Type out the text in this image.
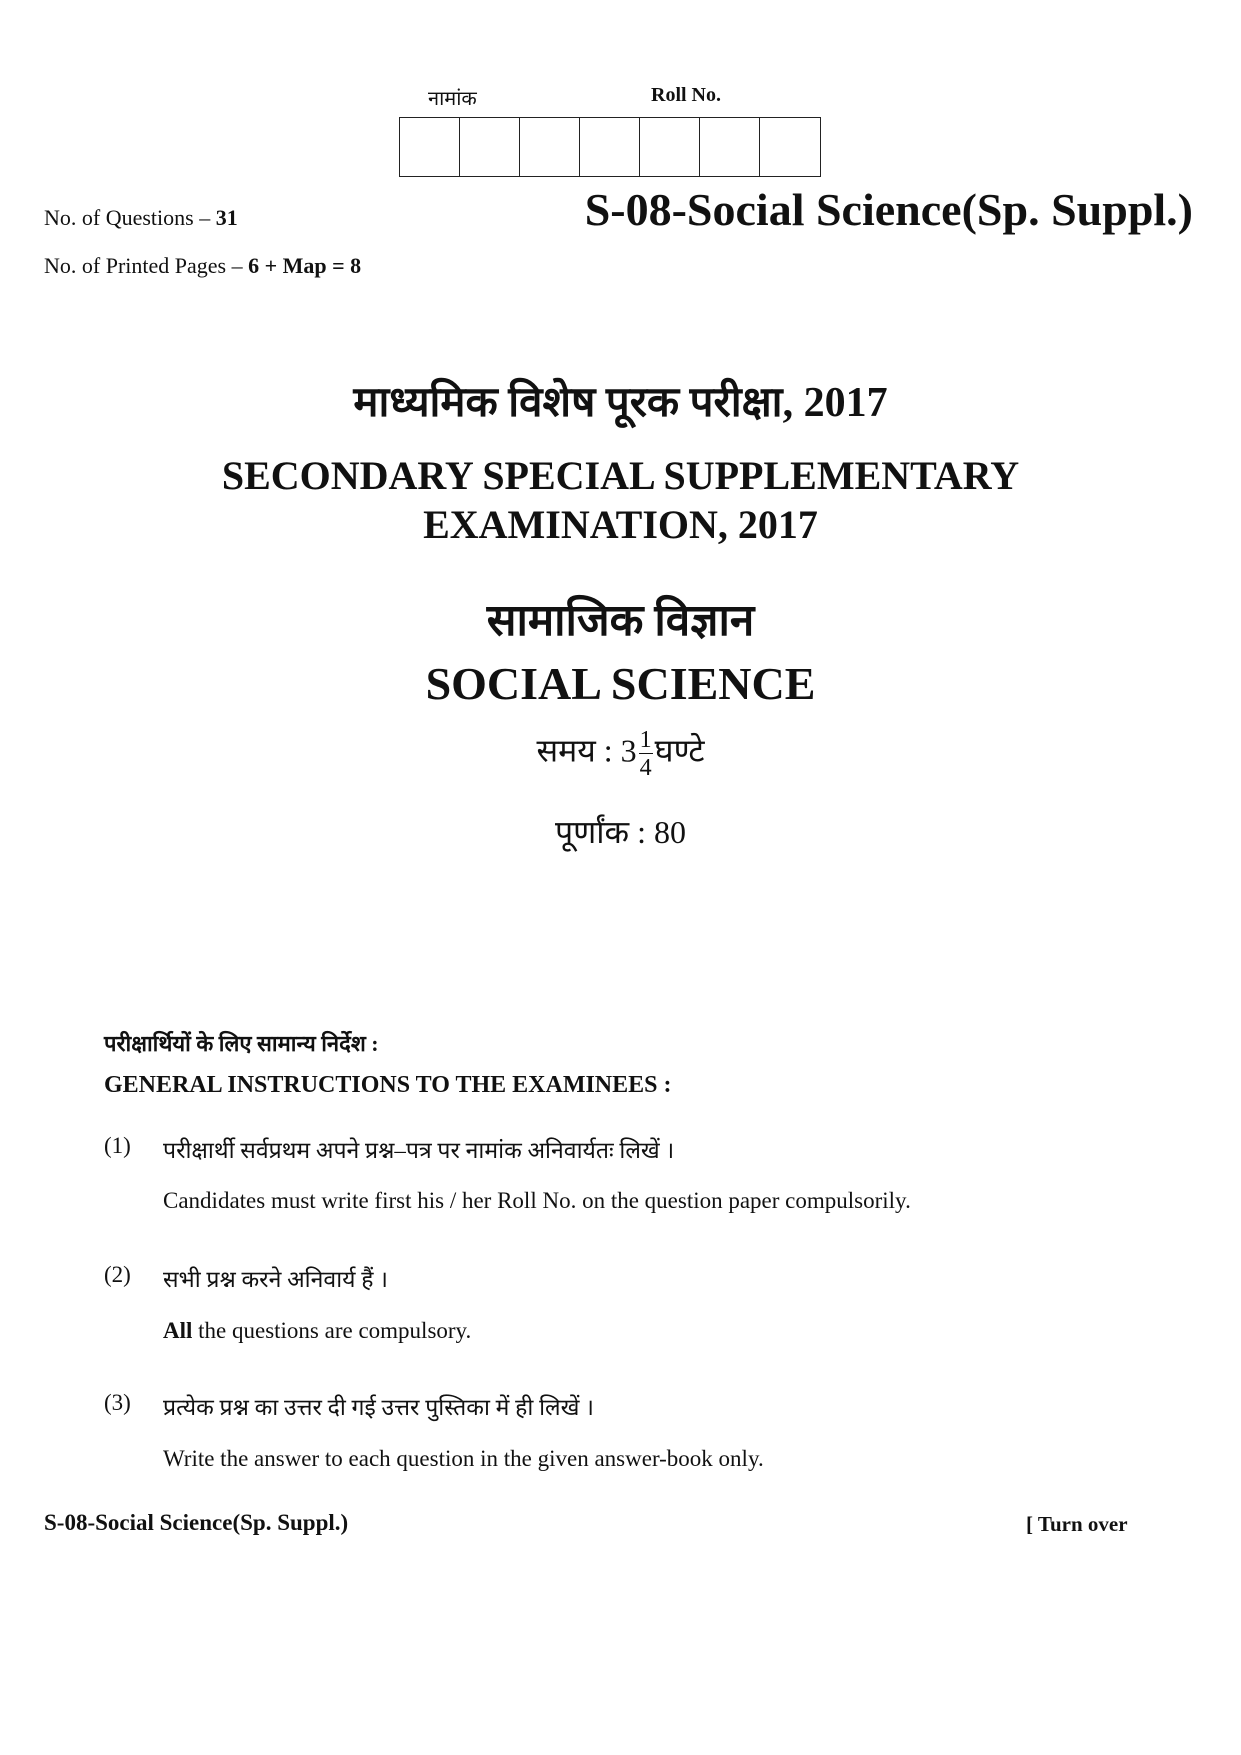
नामांक	Roll No.
No. of Questions – 31
No. of Printed Pages – 6 + Map = 8
S-08-Social Science(Sp. Suppl.)
माध्यमिक विशेष पूरक परीक्षा, 2017
SECONDARY SPECIAL SUPPLEMENTARY
EXAMINATION, 2017
सामाजिक विज्ञान
SOCIAL SCIENCE
समय : $3 \frac{1}{4}$ घण्टे
पूर्णांक : 80
परीक्षार्थियों के लिए सामान्य निर्देश :
GENERAL INSTRUCTIONS TO THE EXAMINEES :
(1) परीक्षार्थी सर्वप्रथम अपने प्रश्न–पत्र पर नामांक अनिवार्यतः लिखें ।
Candidates must write first his / her Roll No. on the question paper compulsorily.
(2) सभी प्रश्न करने अनिवार्य हैं ।
All the questions are compulsory.
(3) प्रत्येक प्रश्न का उत्तर दी गई उत्तर पुस्तिका में ही लिखें ।
Write the answer to each question in the given answer-book only.
S-08-Social Science(Sp. Suppl.)	[ Turn over
